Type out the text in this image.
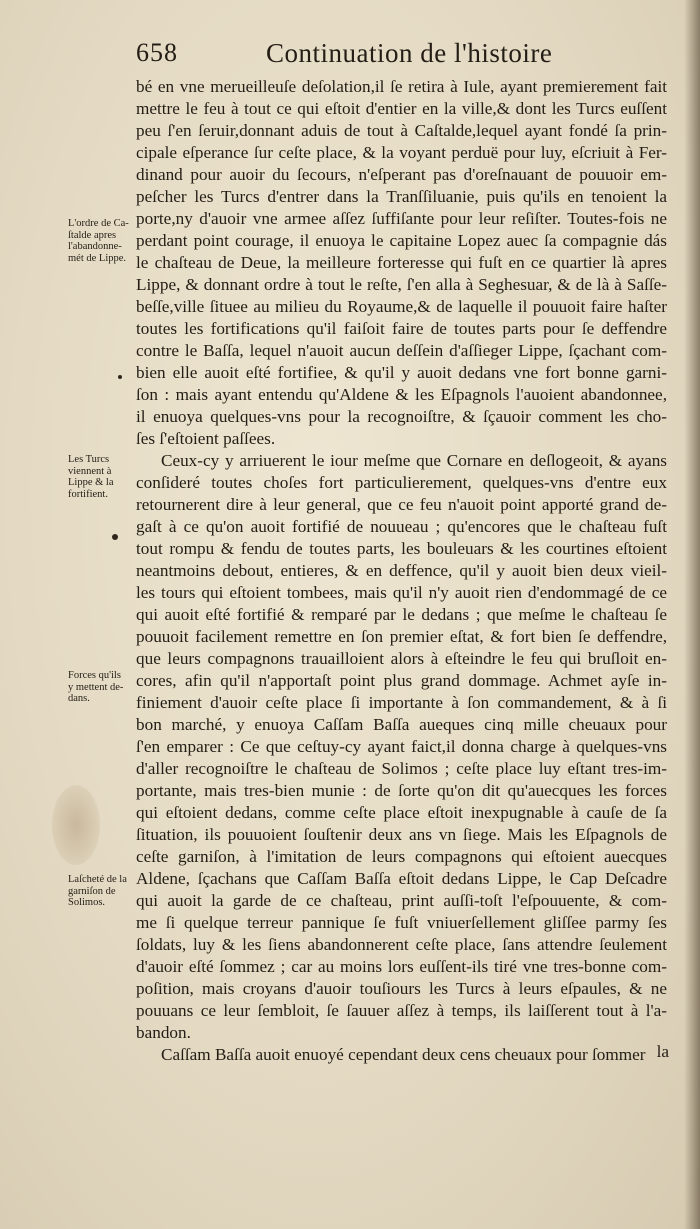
658	Continuation de l'histoire
bé en vne merueilleuſe deſolation,il ſe retira à Iule, ayant premierement fait
mettre le feu à tout ce qui eſtoit d'entier en la ville,& dont les Turcs euſſent
peu ſ'en ſeruir,donnant aduis de tout à Caſtalde,lequel ayant fondé ſa prin-
cipale eſperance ſur ceſte place, & la voyant perduë pour luy, eſcriuit à Fer-
dinand pour auoir du ſecours, n'eſperant pas d'oreſnauant de pouuoir em-
peſcher les Turcs d'entrer dans la Tranſſiluanie, puis qu'ils en tenoient la
porte,ny d'auoir vne armee aſſez ſuffiſante pour leur reſiſter. Toutes-fois ne
perdant point courage, il enuoya le capitaine Lopez auec ſa compagnie dás
le chaſteau de Deue, la meilleure forteresse qui fuſt en ce quartier là apres
Lippe, & donnant ordre à tout le reſte, ſ'en alla à Seghesuar, & de là à Saſſe-
beſſe,ville ſituee au milieu du Royaume,& de laquelle il pouuoit faire haſter
toutes les fortifications qu'il faiſoit faire de toutes parts pour ſe deffendre
contre le Baſſa, lequel n'auoit aucun deſſein d'aſſieger Lippe, ſçachant com-
bien elle auoit eſté fortifiee, & qu'il y auoit dedans vne fort bonne garni-
ſon : mais ayant entendu qu'Aldene & les Eſpagnols l'auoient abandonnee,
il enuoya quelques-vns pour la recognoiſtre, & ſçauoir comment les cho-
ſes ſ'eſtoient paſſees.
Ceux-cy y arriuerent le iour meſme que Cornare en deſlogeoit, & ayans
conſideré toutes choſes fort particulierement, quelques-vns d'entre eux
retournerent dire à leur general, que ce feu n'auoit point apporté grand de-
gaſt à ce qu'on auoit fortifié de nouueau ; qu'encores que le chaſteau fuſt
tout rompu & fendu de toutes parts, les bouleuars & les courtines eſtoient
neantmoins debout, entieres, & en deffence, qu'il y auoit bien deux vieil-
les tours qui eſtoient tombees, mais qu'il n'y auoit rien d'endommagé de ce
qui auoit eſté fortifié & remparé par le dedans ; que meſme le chaſteau ſe
pouuoit facilement remettre en ſon premier eſtat, & fort bien ſe deffendre,
que leurs compagnons trauailloient alors à eſteindre le feu qui bruſloit en-
cores, afin qu'il n'apportaſt point plus grand dommage. Achmet ayſe in-
finiement d'auoir ceſte place ſi importante à ſon commandement, & à ſi
bon marché, y enuoya Caſſam Baſſa aueques cinq mille cheuaux pour
ſ'en emparer : Ce que ceſtuy-cy ayant faict,il donna charge à quelques-vns
d'aller recognoiſtre le chaſteau de Solimos ; ceſte place luy eſtant tres-im-
portante, mais tres-bien munie : de ſorte qu'on dit qu'auecques les forces
qui eſtoient dedans, comme ceſte place eſtoit inexpugnable à cauſe de ſa
ſituation, ils pouuoient ſouſtenir deux ans vn ſiege. Mais les Eſpagnols de
ceſte garniſon, à l'imitation de leurs compagnons qui eſtoient auecques
Aldene, ſçachans que Caſſam Baſſa eſtoit dedans Lippe, le Cap Deſcadre
qui auoit la garde de ce chaſteau, print auſſi-toſt l'eſpouuente, & com-
me ſi quelque terreur pannique ſe fuſt vniuerſellement gliſſee parmy ſes
ſoldats, luy & les ſiens abandonnerent ceſte place, ſans attendre ſeulement
d'auoir eſté ſommez ; car au moins lors euſſent-ils tiré vne tres-bonne com-
poſition, mais croyans d'auoir touſiours les Turcs à leurs eſpaules, & ne
pouuans ce leur ſembloit, ſe ſauuer aſſez à temps, ils laiſſerent tout à l'a-
bandon.
Caſſam Baſſa auoit enuoyé cependant deux cens cheuaux pour ſommer la
L'ordre de Ca-
ſtalde apres
l'abandonne-
mét de Lippe.
Les Turcs
viennent à
Lippe & la
fortifient.
Forces qu'ils
y mettent de-
dans.
Laſcheté de la
garniſon de
Solimos.
